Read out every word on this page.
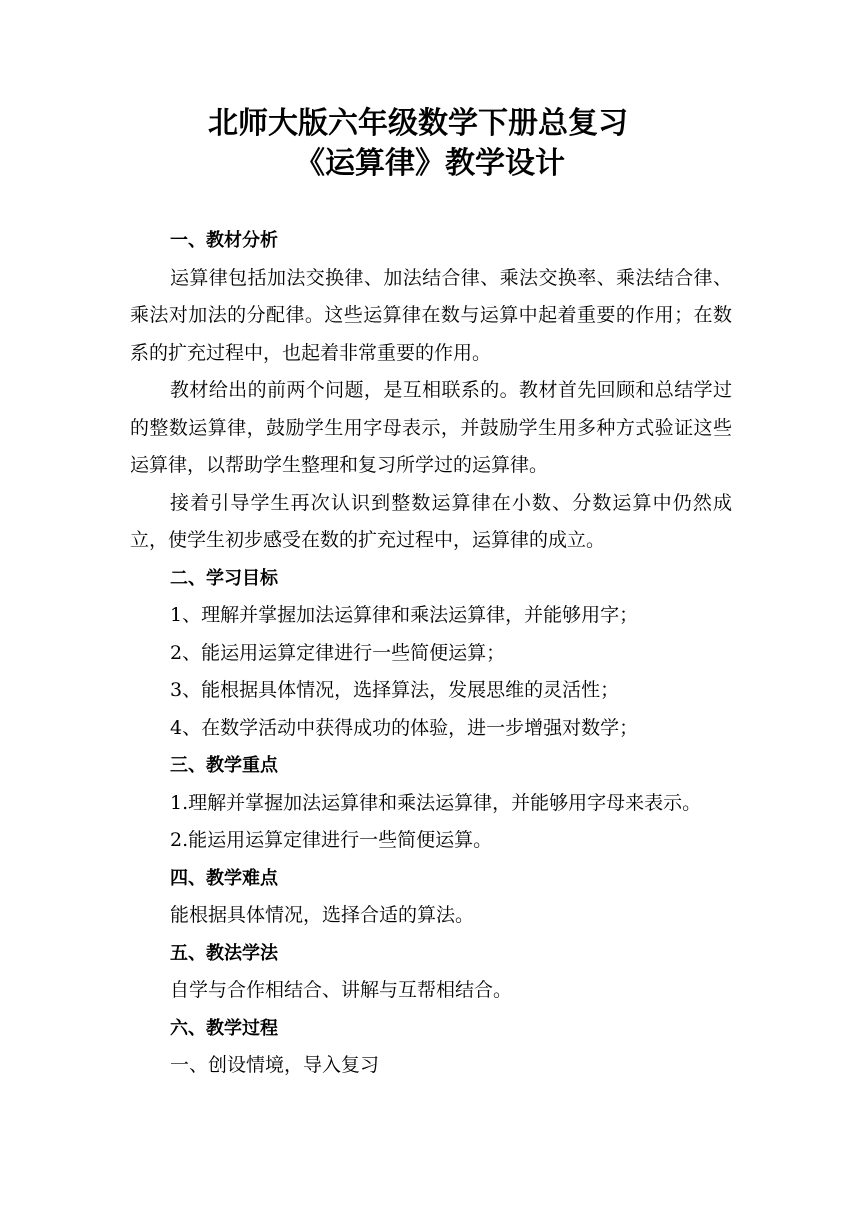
北师大版六年级数学下册总复习
《运算律》教学设计
一、教材分析

运算律包括加法交换律、加法结合律、乘法交换率、乘法结合律、乘法对加法的分配律。这些运算律在数与运算中起着重要的作用；在数系的扩充过程中，也起着非常重要的作用。

教材给出的前两个问题，是互相联系的。教材首先回顾和总结学过的整数运算律，鼓励学生用字母表示，并鼓励学生用多种方式验证这些运算律，以帮助学生整理和复习所学过的运算律。

接着引导学生再次认识到整数运算律在小数、分数运算中仍然成立，使学生初步感受在数的扩充过程中，运算律的成立。

二、学习目标
1、理解并掌握加法运算律和乘法运算律，并能够用字；
2、能运用运算定律进行一些简便运算；
3、能根据具体情况，选择算法，发展思维的灵活性；
4、在数学活动中获得成功的体验，进一步增强对数学；
三、教学重点
1.理解并掌握加法运算律和乘法运算律，并能够用字母来表示。
2.能运用运算定律进行一些简便运算。
四、教学难点
能根据具体情况，选择合适的算法。
五、教法学法
自学与合作相结合、讲解与互帮相结合。
六、教学过程
一、创设情境，导入复习
